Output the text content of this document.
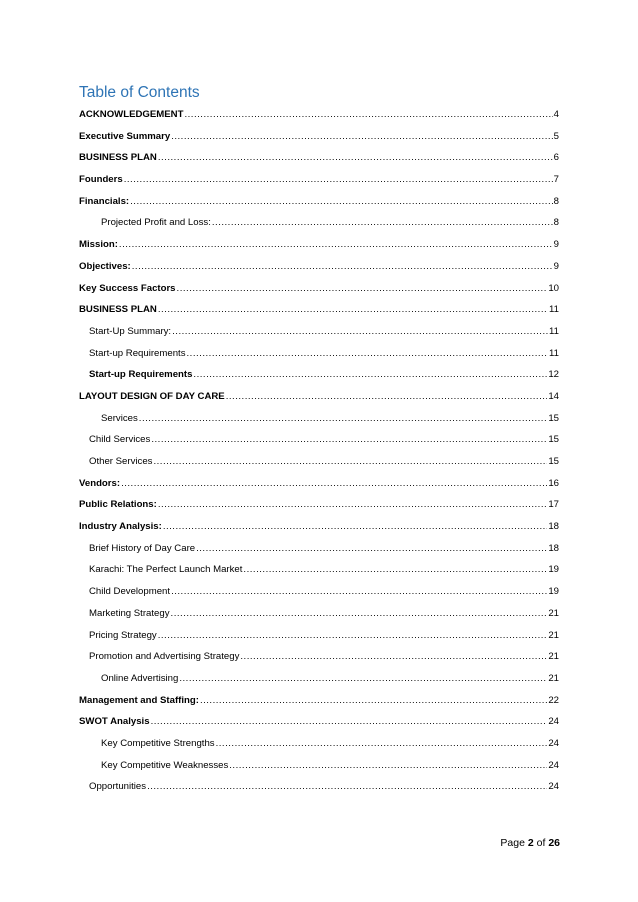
Table of Contents
ACKNOWLEDGEMENT .....	4
Executive Summary .....	5
BUSINESS PLAN .....	6
Founders .....	7
Financials: .....	8
Projected Profit and Loss: .....	8
Mission: .....	9
Objectives: .....	9
Key Success Factors .....	10
BUSINESS PLAN .....	11
Start-Up Summary: .....	11
Start-up Requirements .....	11
Start-up Requirements .....	12
LAYOUT DESIGN OF DAY CARE .....	14
Services .....	15
Child Services .....	15
Other Services .....	15
Vendors: .....	16
Public Relations: .....	17
Industry Analysis: .....	18
Brief History of Day Care .....	18
Karachi: The Perfect Launch Market .....	19
Child Development .....	19
Marketing Strategy .....	21
Pricing Strategy .....	21
Promotion and Advertising Strategy .....	21
Online Advertising .....	21
Management and Staffing: .....	22
SWOT Analysis .....	24
Key Competitive Strengths .....	24
Key Competitive Weaknesses .....	24
Opportunities .....	24
Page 2 of 26
